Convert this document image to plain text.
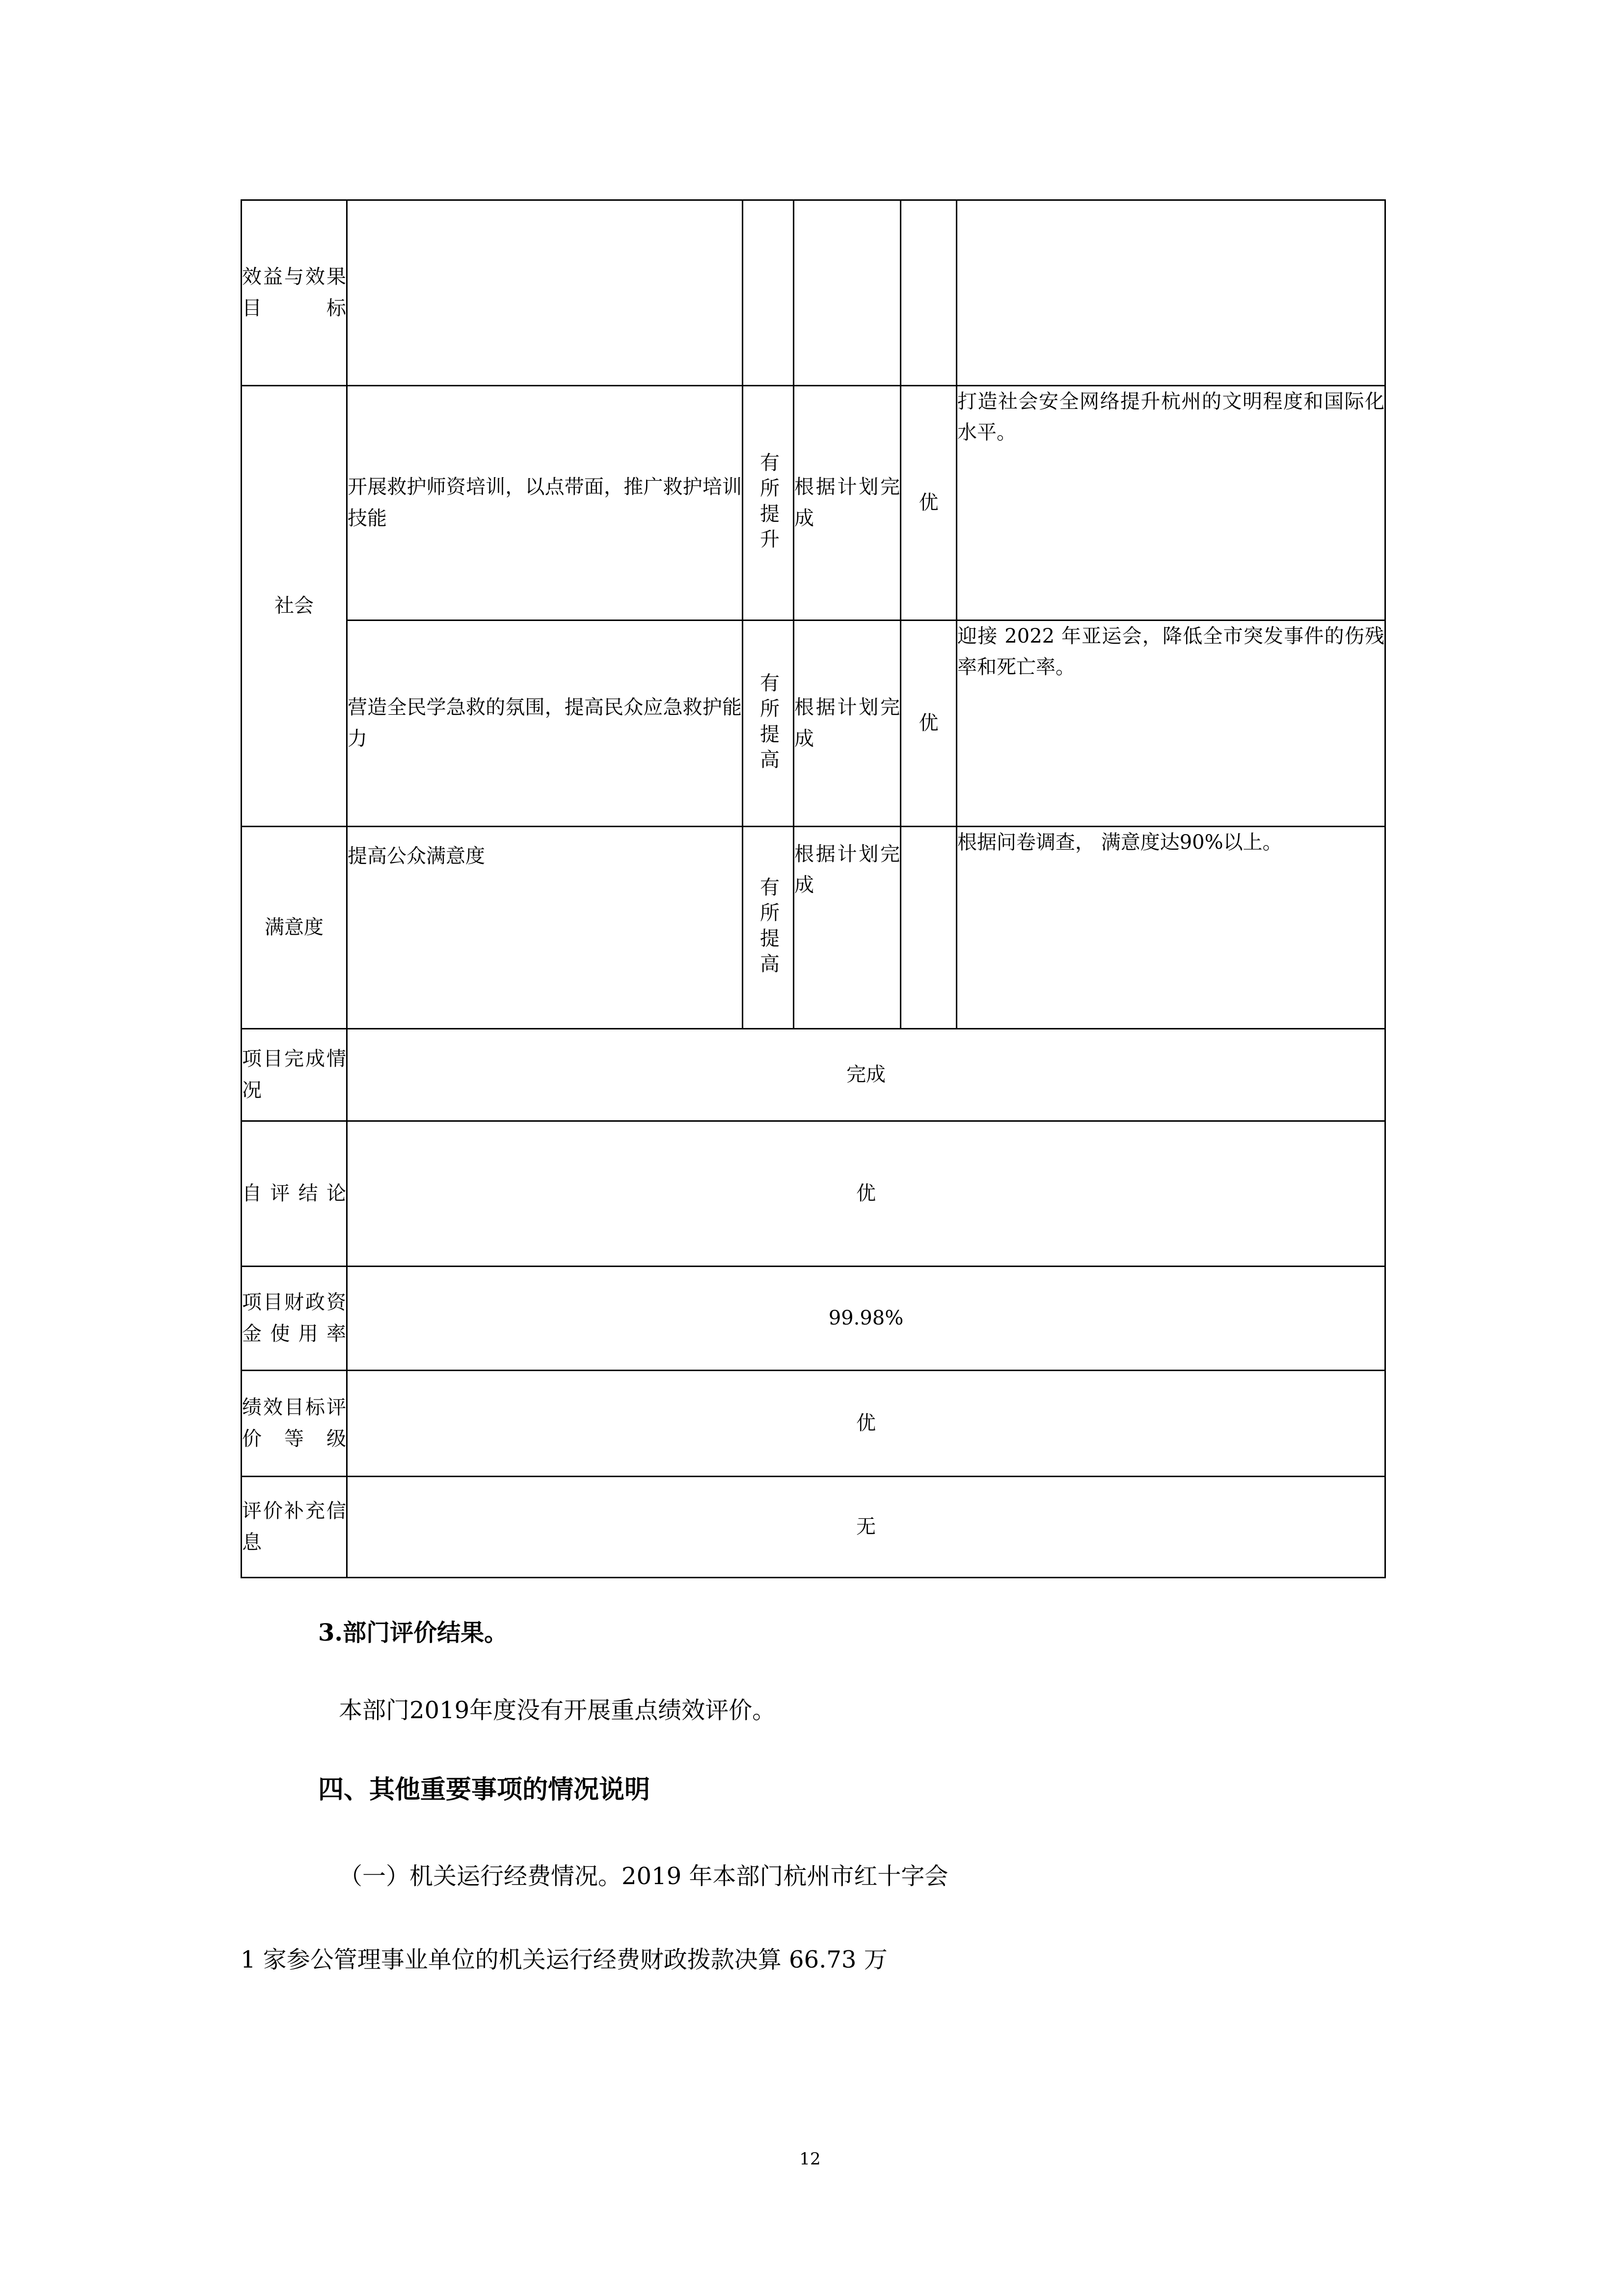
效益与效果目标					
社会	开展救护师资培训，以点带面，推广救护培训技能	有所提升	根据计划完成	优	打造社会安全网络提升杭州的文明程度和国际化水平。
	营造全民学急救的氛围，提高民众应急救护能力	有所提高	根据计划完成	优	迎接 2022 年亚运会，降低全市突发事件的伤残率和死亡率。
满意度	提高公众满意度	有所提高	根据计划完成		根据问卷调查， 满意度达90%以上。
项目完成情况	完成				
自评结论	优				
项目财政资金使用率	99.98%				
绩效目标评价等级	优				
评价补充信息	无				
3.部门评价结果。
本部门2019年度没有开展重点绩效评价。
四、其他重要事项的情况说明
（一）机关运行经费情况。2019 年本部门杭州市红十字会
1 家参公管理事业单位的机关运行经费财政拨款决算 66.73 万
12
